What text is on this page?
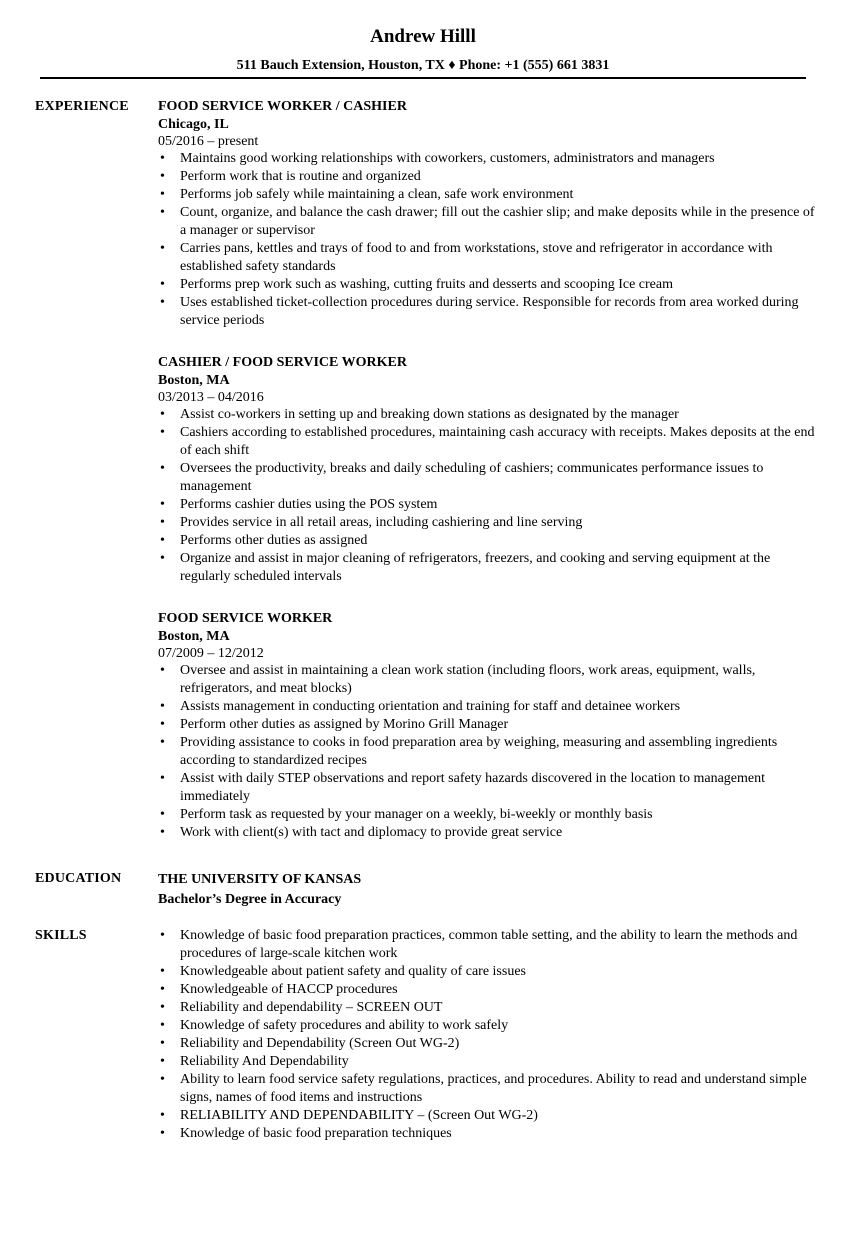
Andrew Hilll
511 Bauch Extension, Houston, TX ♦ Phone: +1 (555) 661 3831
EXPERIENCE FOOD SERVICE WORKER / CASHIER
Chicago, IL
05/2016 – present
• Maintains good working relationships with coworkers, customers, administrators and managers
• Perform work that is routine and organized
• Performs job safely while maintaining a clean, safe work environment
• Count, organize, and balance the cash drawer; fill out the cashier slip; and make deposits while in the presence of a manager or supervisor
• Carries pans, kettles and trays of food to and from workstations, stove and refrigerator in accordance with established safety standards
• Performs prep work such as washing, cutting fruits and desserts and scooping Ice cream
• Uses established ticket-collection procedures during service. Responsible for records from area worked during service periods
CASHIER / FOOD SERVICE WORKER
Boston, MA
03/2013 – 04/2016
• Assist co-workers in setting up and breaking down stations as designated by the manager
• Cashiers according to established procedures, maintaining cash accuracy with receipts. Makes deposits at the end of each shift
• Oversees the productivity, breaks and daily scheduling of cashiers; communicates performance issues to management
• Performs cashier duties using the POS system
• Provides service in all retail areas, including cashiering and line serving
• Performs other duties as assigned
• Organize and assist in major cleaning of refrigerators, freezers, and cooking and serving equipment at the regularly scheduled intervals
FOOD SERVICE WORKER
Boston, MA
07/2009 – 12/2012
• Oversee and assist in maintaining a clean work station (including floors, work areas, equipment, walls, refrigerators, and meat blocks)
• Assists management in conducting orientation and training for staff and detainee workers
• Perform other duties as assigned by Morino Grill Manager
• Providing assistance to cooks in food preparation area by weighing, measuring and assembling ingredients according to standardized recipes
• Assist with daily STEP observations and report safety hazards discovered in the location to management immediately
• Perform task as requested by your manager on a weekly, bi-weekly or monthly basis
• Work with client(s) with tact and diplomacy to provide great service
EDUCATION	THE UNIVERSITY OF KANSAS
Bachelor’s Degree in Accuracy
SKILLS
•	Knowledge of basic food preparation practices, common table setting, and the ability to learn the methods and procedures of large-scale kitchen work
• Knowledgeable about patient safety and quality of care issues
• Knowledgeable of HACCP procedures
• Reliability and dependability – SCREEN OUT
• Knowledge of safety procedures and ability to work safely
• Reliability and Dependability (Screen Out WG-2)
• Reliability And Dependability
• Ability to learn food service safety regulations, practices, and procedures. Ability to read and understand simple signs, names of food items and instructions
• RELIABILITY AND DEPENDABILITY – (Screen Out WG-2)
• Knowledge of basic food preparation techniques
